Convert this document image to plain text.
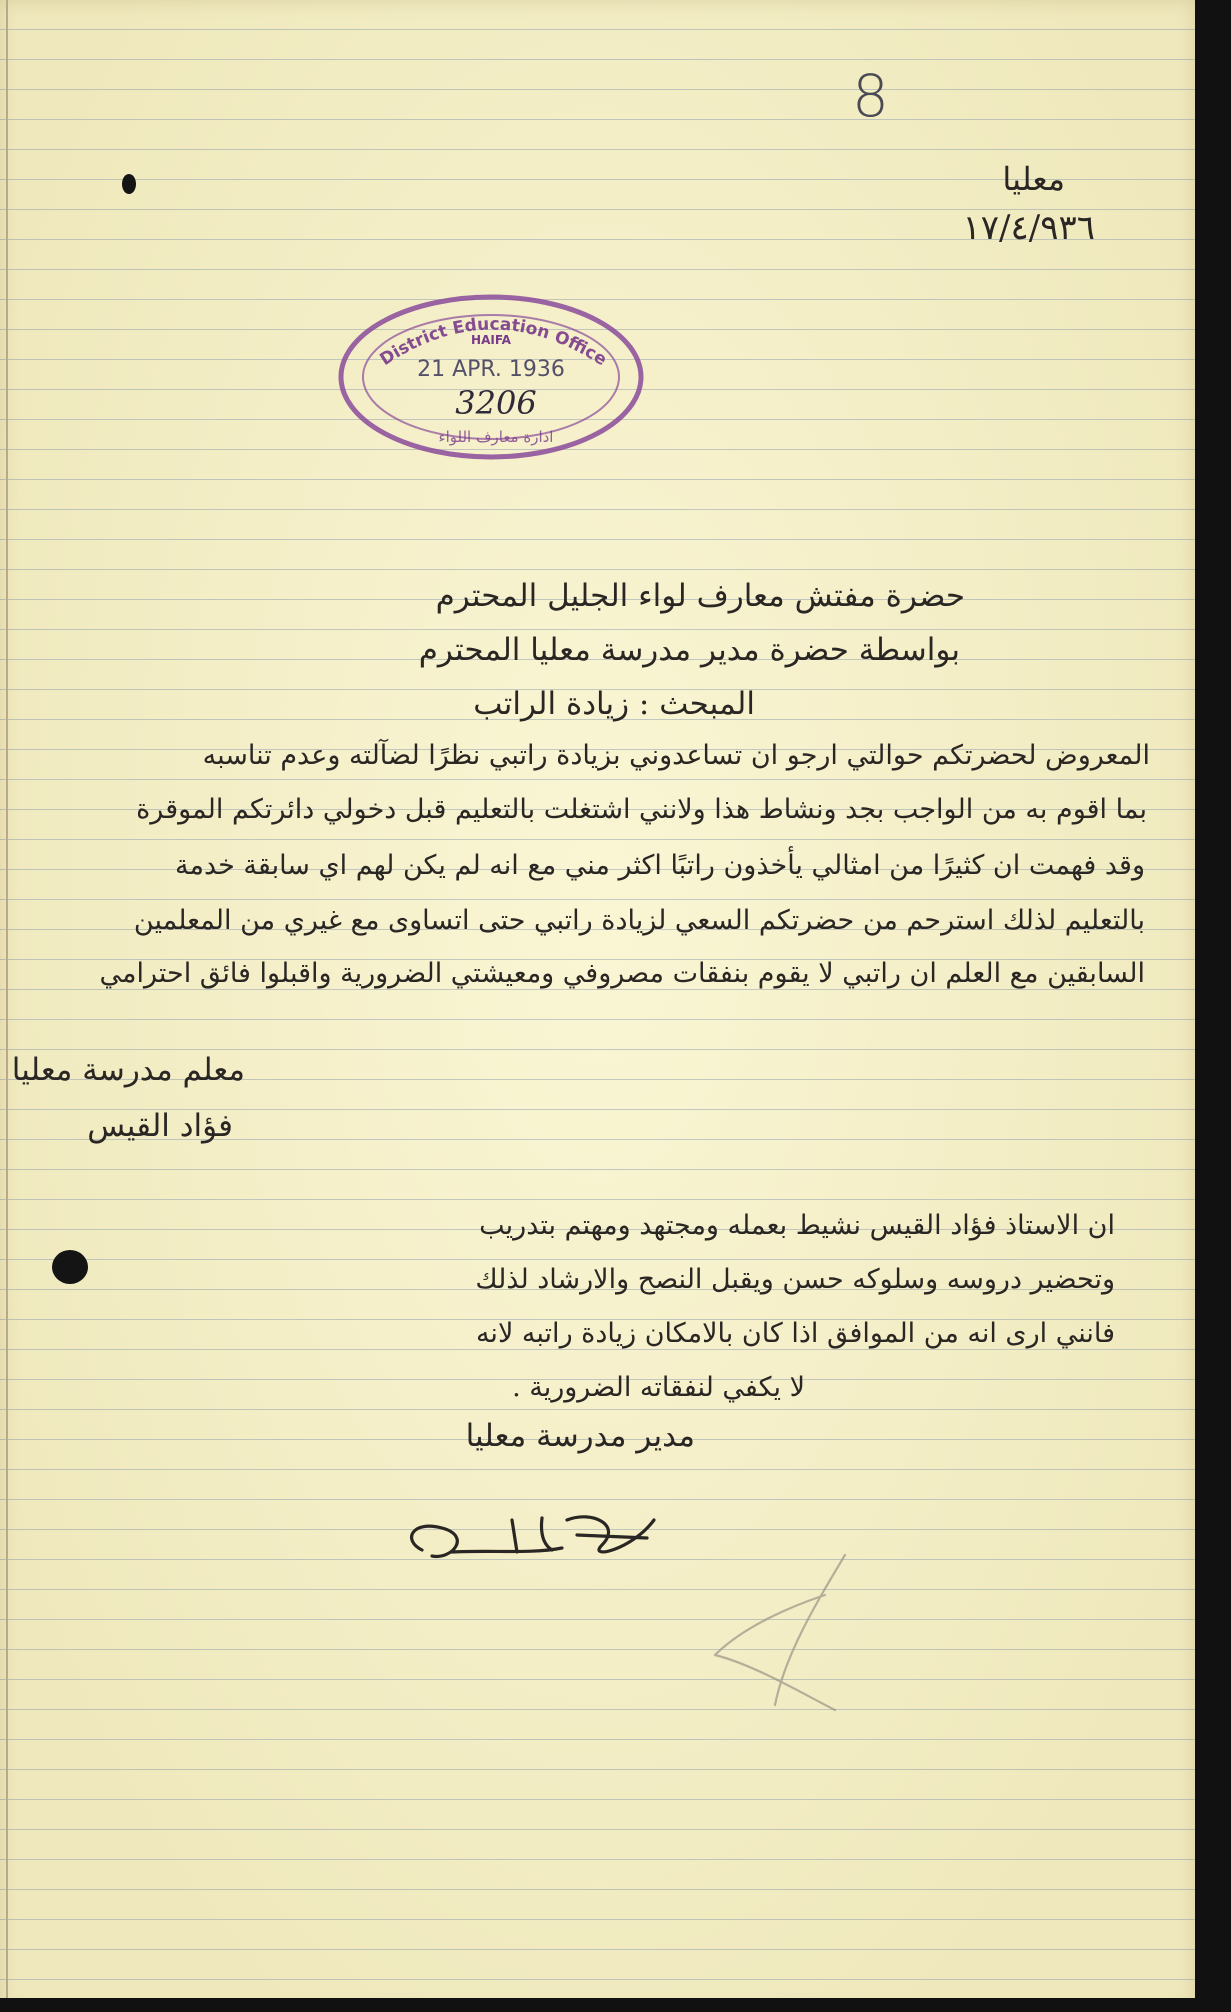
8
معليا
١٧/٤/٩٣٦
District Education Office
HAIFA
21 APR. 1936
3206
ادارة معارف اللواء
حضرة مفتش معارف لواء الجليل المحترم
بواسطة حضرة مدير مدرسة معليا المحترم
المبحث : زيادة الراتب
المعروض لحضرتكم حوالتي ارجو ان تساعدوني بزيادة راتبي نظرًا لضآلته وعدم تناسبه
بما اقوم به من الواجب بجد ونشاط هذا ولانني اشتغلت بالتعليم قبل دخولي دائرتكم الموقرة
وقد فهمت ان كثيرًا من امثالي يأخذون راتبًا اكثر مني مع انه لم يكن لهم اي سابقة خدمة
بالتعليم لذلك استرحم من حضرتكم السعي لزيادة راتبي حتى اتساوى مع غيري من المعلمين
السابقين مع العلم ان راتبي لا يقوم بنفقات مصروفي ومعيشتي الضرورية واقبلوا فائق احترامي
معلم مدرسة معليا
فؤاد القيس
ان الاستاذ فؤاد القيس نشيط بعمله ومجتهد ومهتم بتدريب
وتحضير دروسه وسلوكه حسن ويقبل النصح والارشاد لذلك
فانني ارى انه من الموافق اذا كان بالامكان زيادة راتبه لانه
لا يكفي لنفقاته الضرورية .
مدير مدرسة معليا
